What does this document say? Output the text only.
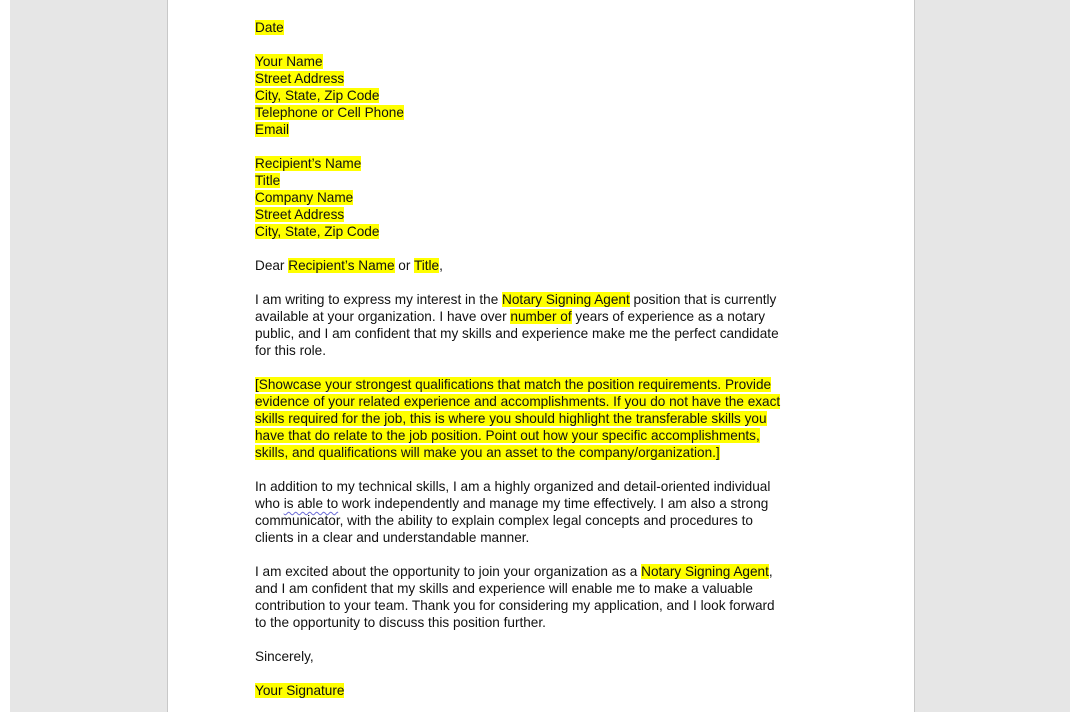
Date
Your Name
Street Address
City, State, Zip Code
Telephone or Cell Phone
Email
Recipient’s Name
Title
Company Name
Street Address
City, State, Zip Code
Dear Recipient’s Name or Title,
I am writing to express my interest in the Notary Signing Agent position that is currently
available at your organization. I have over number of years of experience as a notary
public, and I am confident that my skills and experience make me the perfect candidate
for this role.
[Showcase your strongest qualifications that match the position requirements. Provide
evidence of your related experience and accomplishments. If you do not have the exact
skills required for the job, this is where you should highlight the transferable skills you
have that do relate to the job position. Point out how your specific accomplishments,
skills, and qualifications will make you an asset to the company/organization.]
In addition to my technical skills, I am a highly organized and detail-oriented individual
who is able to work independently and manage my time effectively. I am also a strong
communicator, with the ability to explain complex legal concepts and procedures to
clients in a clear and understandable manner.
I am excited about the opportunity to join your organization as a Notary Signing Agent,
and I am confident that my skills and experience will enable me to make a valuable
contribution to your team. Thank you for considering my application, and I look forward
to the opportunity to discuss this position further.
Sincerely,
Your Signature
